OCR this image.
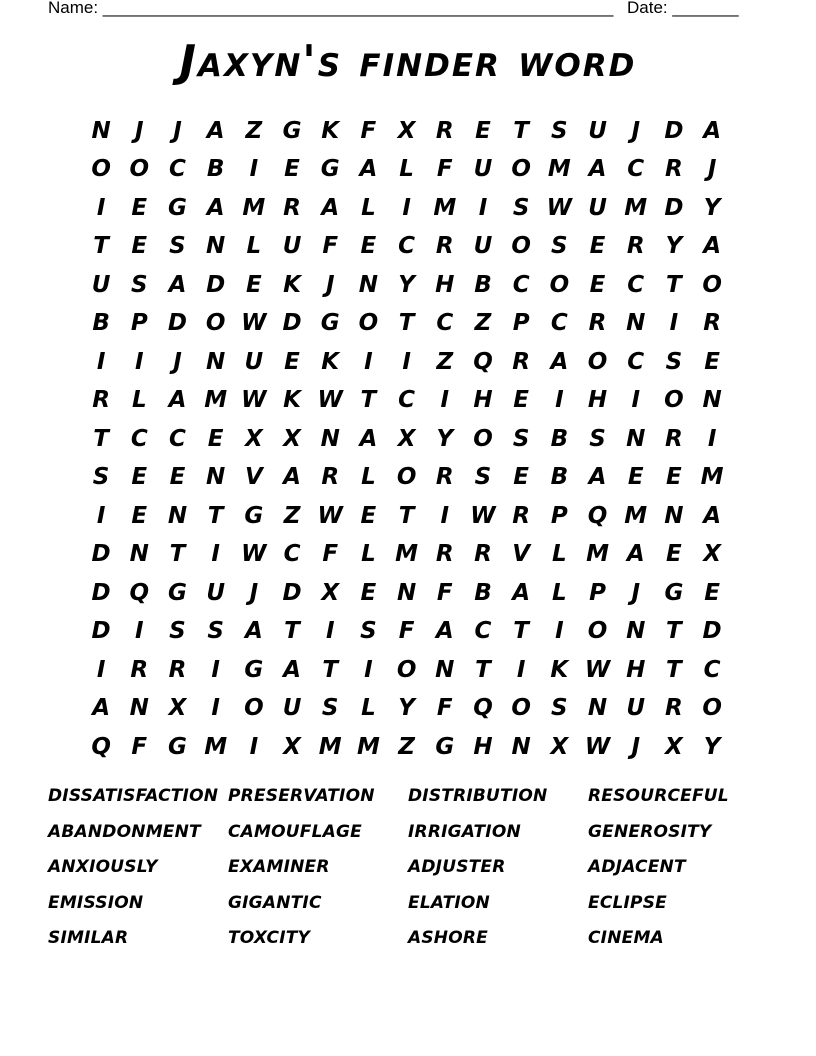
Name: ______________________________________________________ Date: _______
Jaxyn's finder word
N	J	J	A Z G K F X R E T S U	J	D A
O O C B	I	E G A L	F U O M A C R	J
I	E G A M R A L	I M I	S W U M D Y
T E S N L U F E C R U O S E R Y A
U S A D E K	J	N Y H B C O E C T O
B P D O W D G O T C Z P C R N	I	R
I	I	J	N U E K	I	I	Z Q R A O C S E
R L A M W K W T C	I	H E	I	H	I	O N
T C C E X X N A X Y O S B S N R	I
S E E N V A R L O R S E B A E E M
I	E N T G Z W E T	I W R P Q M N A
D N T	I W C F	L M R R V L M A E X
D Q G U	J	D X E N F B A L P	J	G E
D	I	S S A T	I	S F A C T	I	O N T D
I	R R	I	G A T	I	O N T	I	K W H T C
A N X	I	O U S L Y F Q O S N U R O
Q F G M I	X M M Z G H N X W J	X Y
DISSATISFACTION PRESERVATION	DISTRIBUTION	RESOURCEFUL
ABANDONMENT	CAMOUFLAGE	IRRIGATION	GENEROSITY
ANXIOUSLY	EXAMINER	ADJUSTER	ADJACENT
EMISSION	GIGANTIC	ELATION	ECLIPSE
SIMILAR	TOXCITY	ASHORE	CINEMA
